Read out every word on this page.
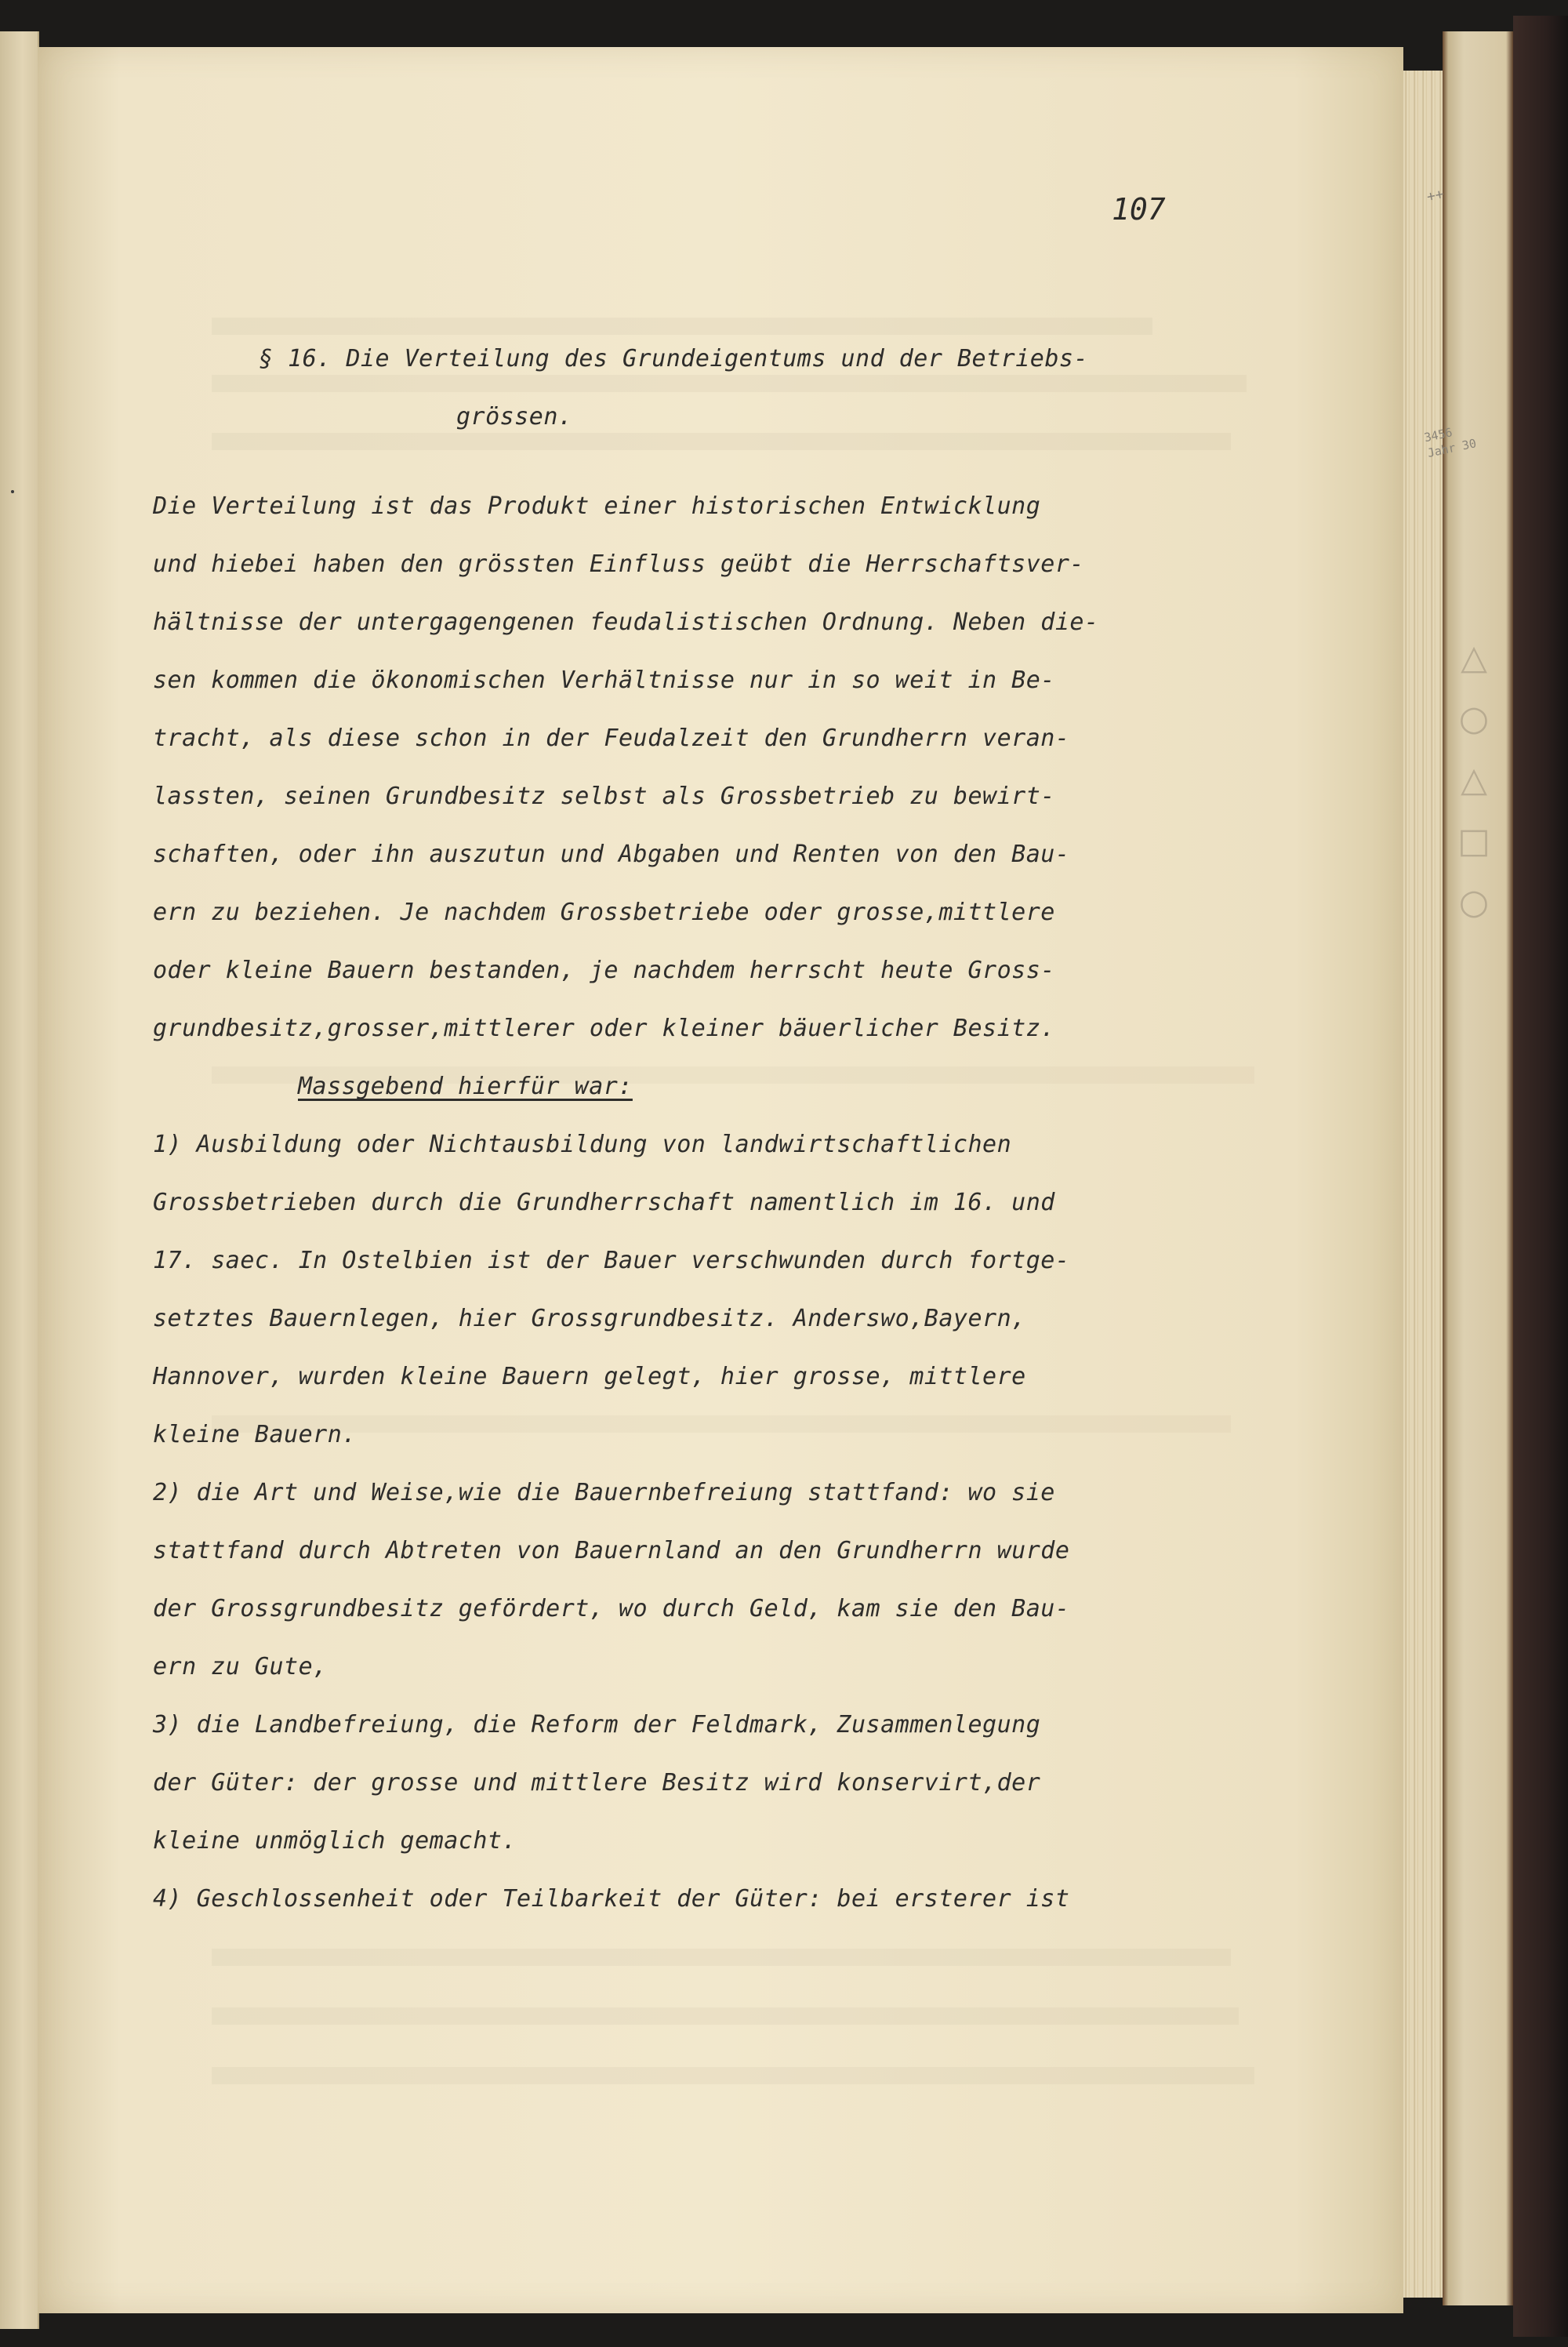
△
○
△
□
○
++
3456 Jahr 30
107
§ 16. Die Verteilung des Grundeigentums und der Betriebs-
grössen.
Die Verteilung ist das Produkt einer historischen Entwicklung
und hiebei haben den grössten Einfluss geübt die Herrschaftsver-
hältnisse der untergagengenen feudalistischen Ordnung. Neben die-
sen kommen die ökonomischen Verhältnisse nur in so weit in Be-
tracht, als diese schon in der Feudalzeit den Grundherrn veran-
lassten, seinen Grundbesitz selbst als Grossbetrieb zu bewirt-
schaften, oder ihn auszutun und Abgaben und Renten von den Bau-
ern zu beziehen. Je nachdem Grossbetriebe oder grosse,mittlere
oder kleine Bauern bestanden, je nachdem herrscht heute Gross-
grundbesitz,grosser,mittlerer oder kleiner bäuerlicher Besitz.
Massgebend hierfür war:
1) Ausbildung oder Nichtausbildung von landwirtschaftlichen
Grossbetrieben durch die Grundherrschaft namentlich im 16. und
17. saec. In Ostelbien ist der Bauer verschwunden durch fortge-
setztes Bauernlegen, hier Grossgrundbesitz. Anderswo,Bayern,
Hannover, wurden kleine Bauern gelegt, hier grosse, mittlere
kleine Bauern.
2) die Art und Weise,wie die Bauernbefreiung stattfand: wo sie
stattfand durch Abtreten von Bauernland an den Grundherrn wurde
der Grossgrundbesitz gefördert, wo durch Geld, kam sie den Bau-
ern zu Gute,
3) die Landbefreiung, die Reform der Feldmark, Zusammenlegung
der Güter: der grosse und mittlere Besitz wird konservirt,der
kleine unmöglich gemacht.
4) Geschlossenheit oder Teilbarkeit der Güter: bei ersterer ist
